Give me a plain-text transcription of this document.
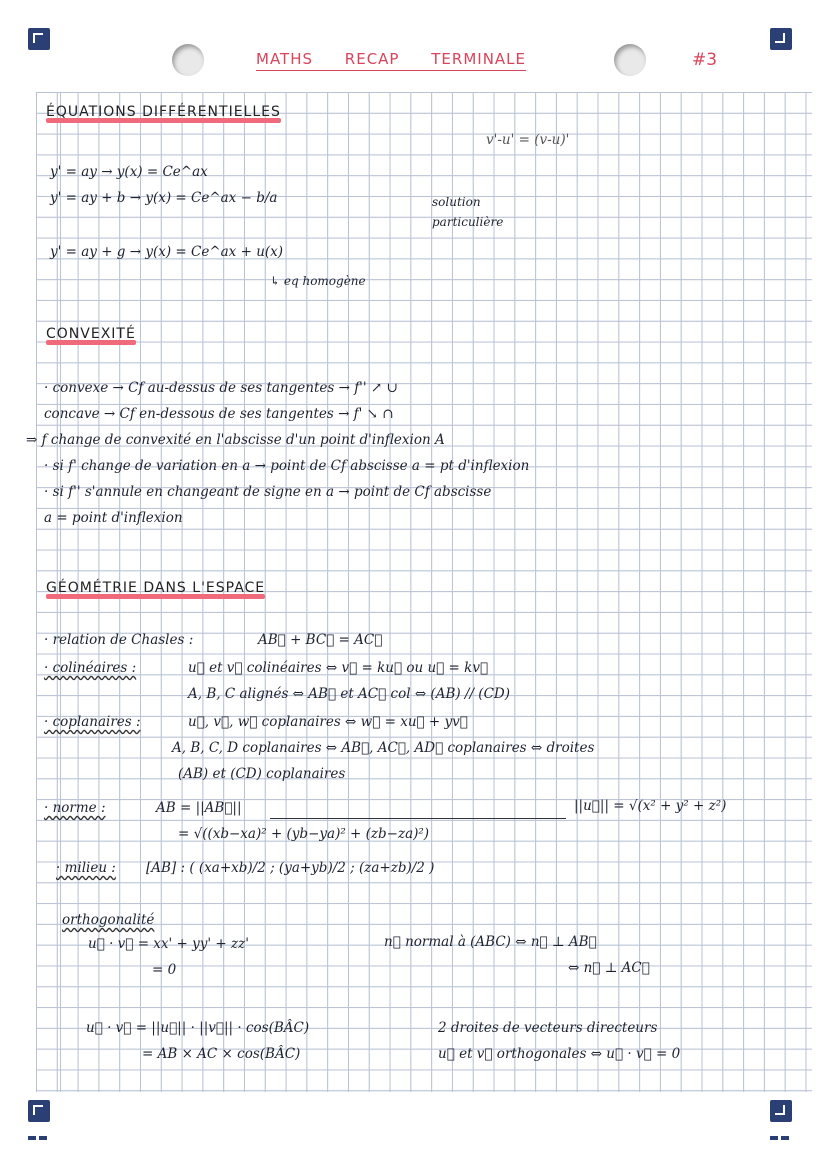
MATHS RECAP TERMINALE	#3
ÉQUATIONS DIFFÉRENTIELLES
v'-u' = (v-u)'
y' = ay → y(x) = Ce^ax
y' = ay + b → y(x) = Ce^ax − b/a	solution particulière
y' = ay + g → y(x) = Ce^ax + u(x)
↳ eq homogène
CONVEXITÉ
· convexe → Cf au-dessus de ses tangentes → f'' ↗ ∪
concave → Cf en-dessous de ses tangentes → f' ↘ ∩
⇒ f change de convexité en l'abscisse d'un point d'inflexion A
· si f' change de variation en a → point de Cf abscisse a = pt d'inflexion
· si f'' s'annule en changeant de signe en a → point de Cf abscisse
a = point d'inflexion
GÉOMÉTRIE DANS L'ESPACE
· relation de Chasles :	AB⃗ + BC⃗ = AC⃗
· colinéaires :	u⃗ et v⃗ colinéaires ⇔ v⃗ = ku⃗ ou u⃗ = kv⃗
A, B, C alignés ⇔ AB⃗ et AC⃗ col ⇔ (AB) // (CD)
· coplanaires :	u⃗, v⃗, w⃗ coplanaires ⇔ w⃗ = xu⃗ + yv⃗
A, B, C, D coplanaires ⇔ AB⃗, AC⃗, AD⃗ coplanaires ⇔ droites
(AB) et (CD) coplanaires
· norme :	AB = ||AB⃗||
= √((xb−xa)² + (yb−ya)² + (zb−za)²)
||u⃗|| = √(x² + y² + z²)
· milieu : [AB] : ( (xa+xb)/2 ; (ya+yb)/2 ; (za+zb)/2 )
orthogonalité
u⃗ · v⃗ = xx' + yy' + zz'
= 0
n⃗ normal à (ABC) ⇔ n⃗ ⊥ AB⃗
⇔ n⃗ ⊥ AC⃗
u⃗ · v⃗ = ||u⃗|| · ||v⃗|| · cos(BÂC)
= AB × AC × cos(BÂC)
2 droites de vecteurs directeurs
u⃗ et v⃗ orthogonales ⇔ u⃗ · v⃗ = 0
